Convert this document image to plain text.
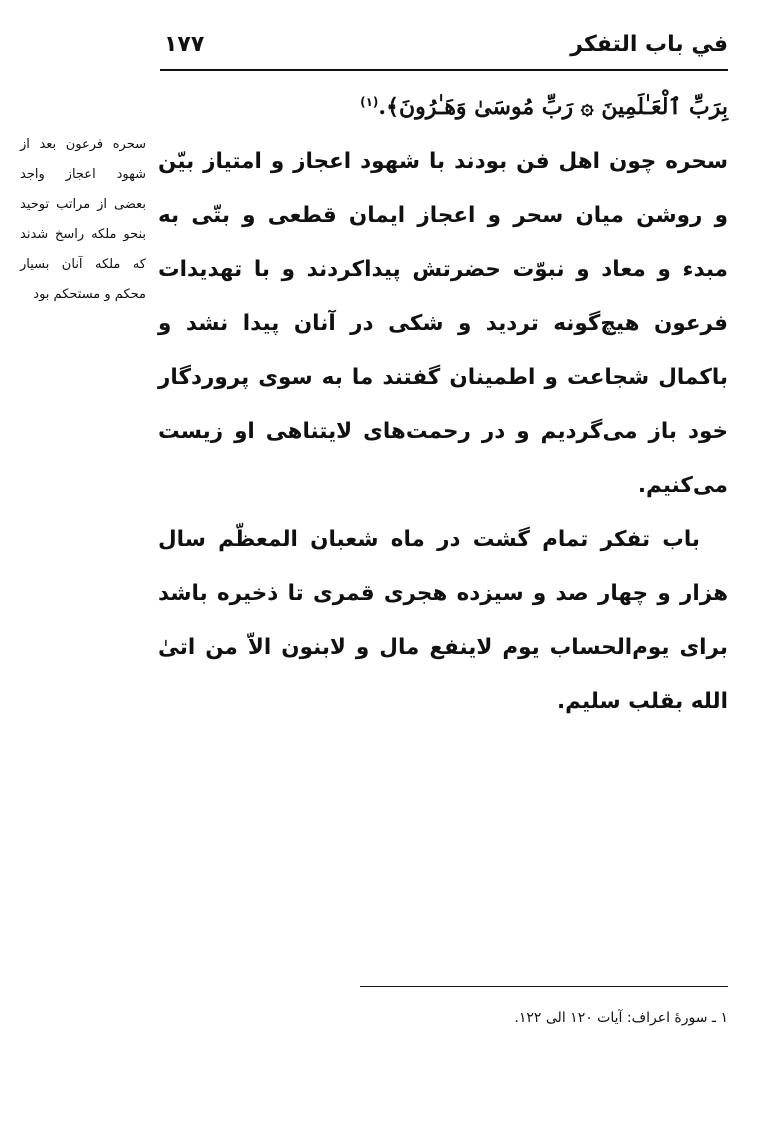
في باب التفكر
١٧٧

بِرَبِّ ٱلْعَـٰلَمِينَ ۞ رَبِّ مُوسَىٰ وَهَـٰرُونَ﴾.$^{(١)}$

سحره چون اهل فن بودند با شهود اعجاز و امتياز بيّن و روشن ميان سحر و اعجاز ايمان قطعى و بتّى به مبدء و معاد و نبوّت حضرتش پيداكردند و با تهديدات فرعون هيچ‌گونه ترديد و شكى در آنان پيدا نشد و باكمال شجاعت و اطمينان گفتند ما به سوى پروردگار خود باز مى‌گرديم و در رحمت‌هاى لايتناهى او زيست مى‌كنيم.

باب تفكر تمام گشت در ماه شعبان المعظّم سال هزار و چهار صد و سيزده هجرى قمرى تا ذخيره باشد براى يوم‌الحساب يوم لاينفع مال و لابنون الاّ من اتىٰ الله بقلب سليم.

سحره فرعون بعد از شهود اعجاز واجد بعضى از مراتب توحيد بنحو ملكه راسخ شدند كه ملكه آنان بسيار محكم و مستحكم بود
١ ـ سورهٔ اعراف: آيات ١٢٠ الى ١٢٢.
